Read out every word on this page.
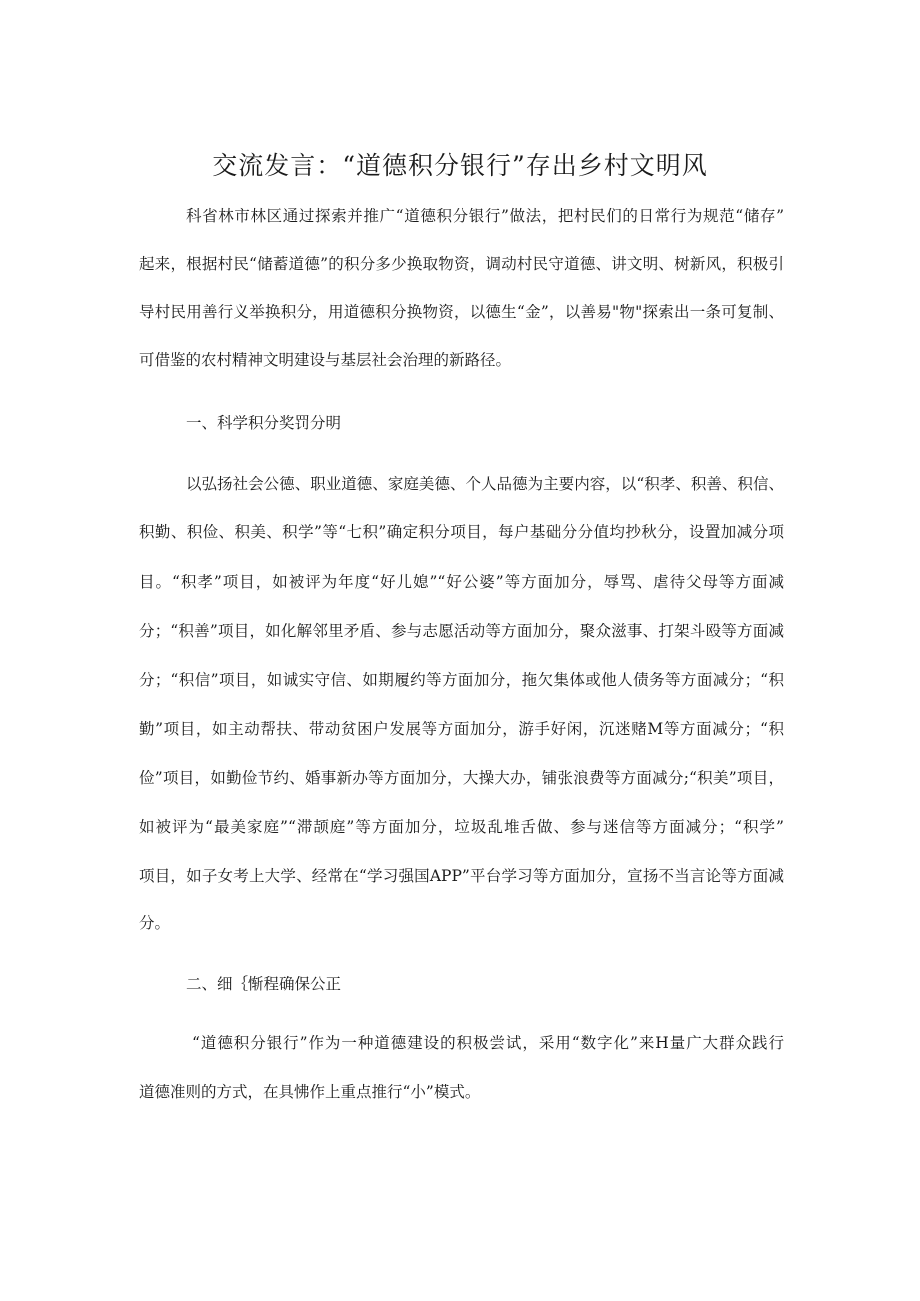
交流发言：“道德积分银行”存出乡村文明风

科省林市林区通过探索并推广“道德积分银行”做法，把村民们的日常行为规范“储存”

起来，根据村民“储蓄道德”的积分多少换取物资，调动村民守道德、讲文明、树新风，积极引

导村民用善行义举换积分，用道德积分换物资，以德生“金”，以善易"物"探索出一条可复制、

可借鉴的农村精神文明建设与基层社会治理的新路径。

一、科学积分奖罚分明

以弘扬社会公德、职业道德、家庭美德、个人品德为主要内容，以“积孝、积善、积信、

积勤、积俭、积美、积学”等“七积”确定积分项目，每户基础分分值均抄秋分，设置加减分项

目。“积孝”项目，如被评为年度“好儿媳”“好公婆”等方面加分，辱骂、虐待父母等方面减

分；“积善”项目，如化解邻里矛盾、参与志愿活动等方面加分，聚众滋事、打架斗殴等方面减

分；“积信”项目，如诚实守信、如期履约等方面加分，拖欠集体或他人债务等方面减分；“积

勤”项目，如主动帮扶、带动贫困户发展等方面加分，游手好闲，沉迷赌M等方面减分；“积

俭”项目，如勤俭节约、婚事新办等方面加分，大操大办，铺张浪费等方面减分;“积美”项目，

如被评为“最美家庭”“滞颉庭”等方面加分，垃圾乱堆舌做、参与迷信等方面减分；“积学”

项目，如子女考上大学、经常在“学习强国APP”平台学习等方面加分，宣扬不当言论等方面减

分。

二、细｛惭程确保公正

“道德积分银行”作为一种道德建设的积极尝试，采用“数字化”来H量广大群众践行

道德准则的方式，在具怫作上重点推行“小”模式。
